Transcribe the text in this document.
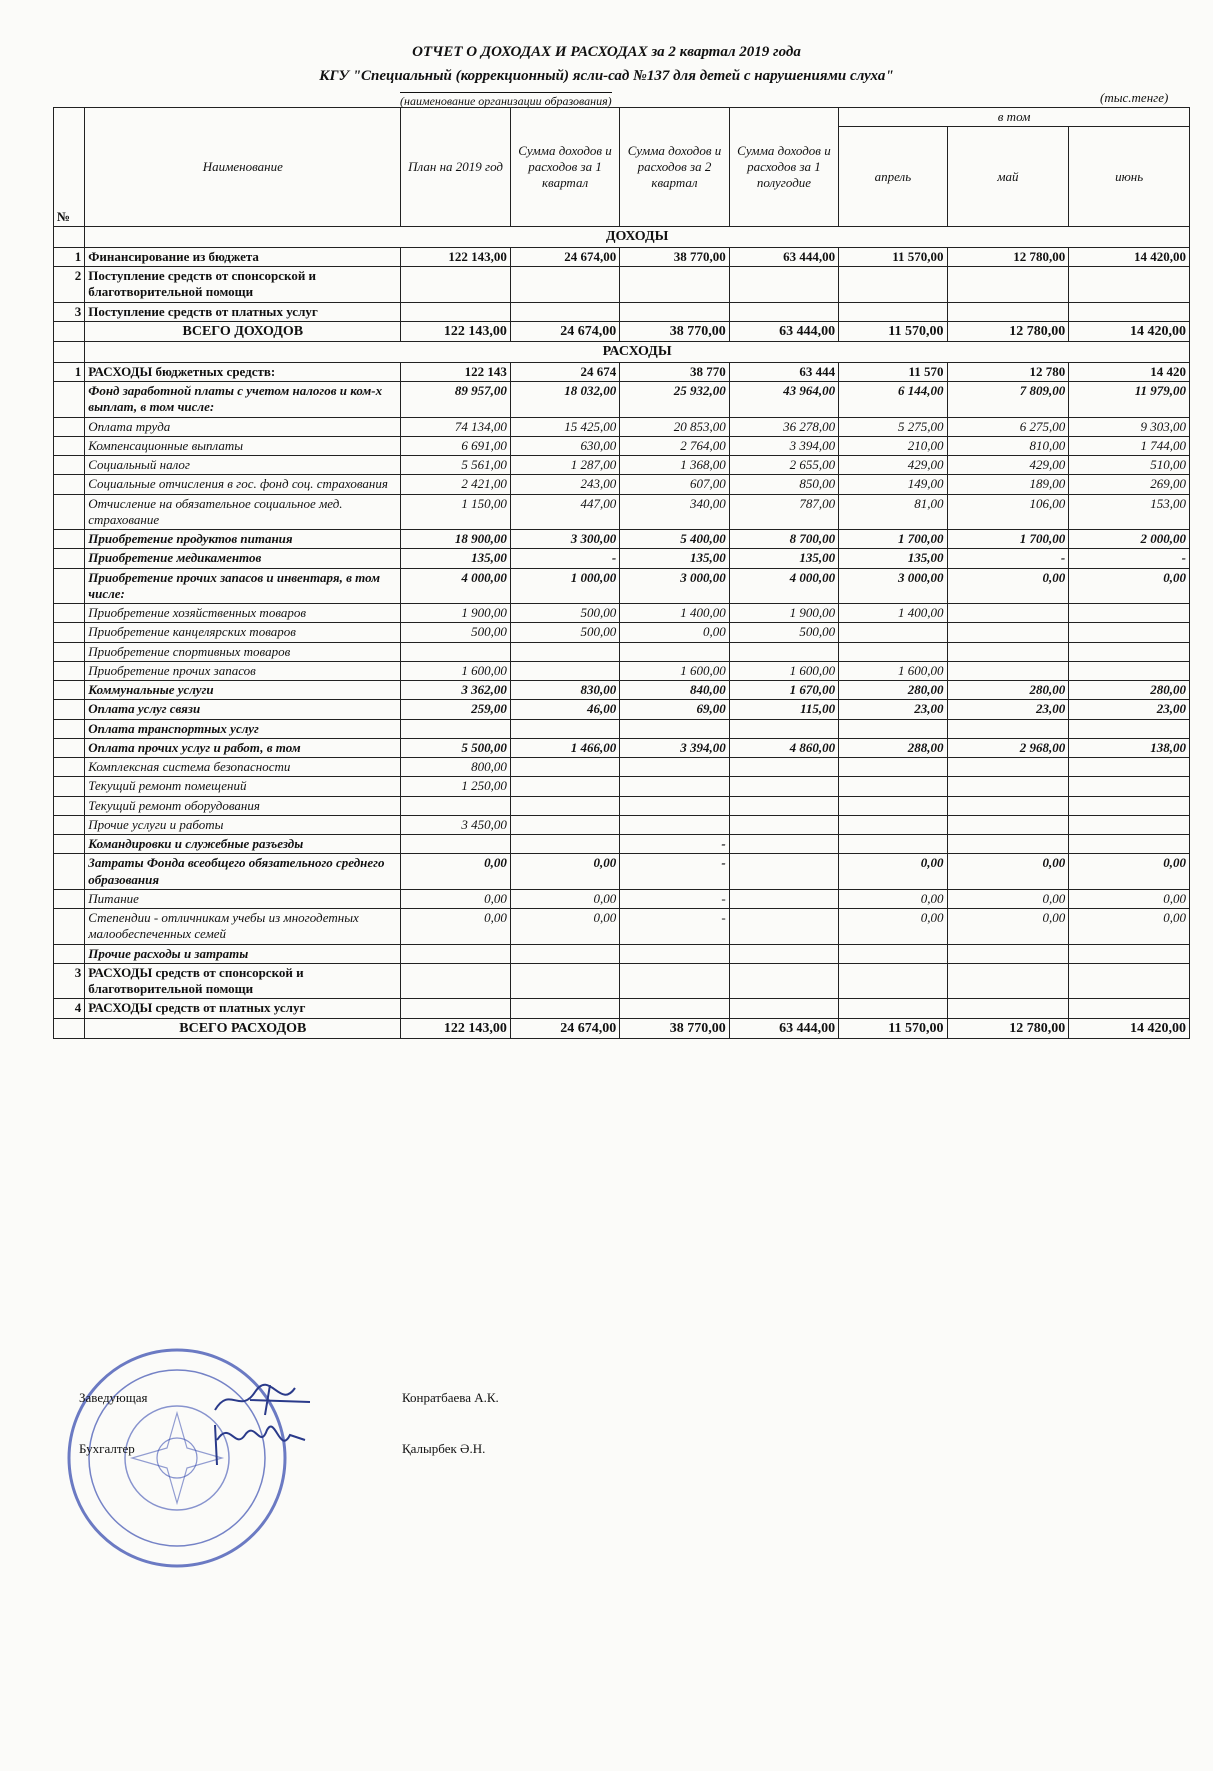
ОТЧЕТ О ДОХОДАХ И РАСХОДАХ за 2 квартал 2019 года
КГУ "Специальный (коррекционный) ясли-сад №137 для детей с нарушениями слуха"
(наименование организации образования)	(тыс.тенге)
№	Наименование	План на 2019 год	Сумма доходов и расходов за 1 квартал	Сумма доходов и расходов за 2 квартал	Сумма доходов и расходов за 1 полугодие	в том		
						апрель	май	июнь
	ДОХОДЫ							
1	Финансирование из бюджета	122 143,00	24 674,00	38 770,00	63 444,00	11 570,00	12 780,00	14 420,00
2	Поступление средств от спонсорской и благотворительной помощи							
3	Поступление средств от платных услуг							
	ВСЕГО ДОХОДОВ	122 143,00	24 674,00	38 770,00	63 444,00	11 570,00	12 780,00	14 420,00
	РАСХОДЫ							
1	РАСХОДЫ бюджетных средств:	122 143	24 674	38 770	63 444	11 570	12 780	14 420
	Фонд заработной платы с учетом налогов и ком-х выплат, в том числе:	89 957,00	18 032,00	25 932,00	43 964,00	6 144,00	7 809,00	11 979,00
	Оплата труда	74 134,00	15 425,00	20 853,00	36 278,00	5 275,00	6 275,00	9 303,00
	Компенсационные выплаты	6 691,00	630,00	2 764,00	3 394,00	210,00	810,00	1 744,00
	Социальный налог	5 561,00	1 287,00	1 368,00	2 655,00	429,00	429,00	510,00
	Социальные отчисления в гос. фонд соц. страхования	2 421,00	243,00	607,00	850,00	149,00	189,00	269,00
	Отчисление на обязательное социальное мед. страхование	1 150,00	447,00	340,00	787,00	81,00	106,00	153,00
	Приобретение продуктов питания	18 900,00	3 300,00	5 400,00	8 700,00	1 700,00	1 700,00	2 000,00
	Приобретение медикаментов	135,00	-	135,00	135,00	135,00	-	-
	Приобретение прочих запасов и инвентаря, в том числе:	4 000,00	1 000,00	3 000,00	4 000,00	3 000,00	0,00	0,00
	Приобретение хозяйственных товаров	1 900,00	500,00	1 400,00	1 900,00	1 400,00		
	Приобретение канцелярских товаров	500,00	500,00	0,00	500,00			
	Приобретение спортивных товаров							
	Приобретение прочих запасов	1 600,00		1 600,00	1 600,00	1 600,00		
	Коммунальные услуги	3 362,00	830,00	840,00	1 670,00	280,00	280,00	280,00
	Оплата услуг связи	259,00	46,00	69,00	115,00	23,00	23,00	23,00
	Оплата транспортных услуг							
	Оплата прочих услуг и работ, в том	5 500,00	1 466,00	3 394,00	4 860,00	288,00	2 968,00	138,00
	Комплексная система безопасности	800,00						
	Текущий ремонт помещений	1 250,00						
	Текущий ремонт оборудования							
	Прочие услуги и работы	3 450,00						
	Командировки и служебные разъезды			-				
	Затраты Фонда всеобщего обязательного среднего образования	0,00	0,00	-		0,00	0,00	0,00
	Питание	0,00	0,00	-		0,00	0,00	0,00
	Степендии - отличникам учебы из многодетных малообеспеченных семей	0,00	0,00	-		0,00	0,00	0,00
	Прочие расходы и затраты							
3	РАСХОДЫ средств от спонсорской и благотворительной помощи							
4	РАСХОДЫ средств от платных услуг							
	ВСЕГО РАСХОДОВ	122 143,00	24 674,00	38 770,00	63 444,00	11 570,00	12 780,00	14 420,00
Заведующая	Конратбаева А.К.
Бухгалтер	Қалырбек Ә.Н.
